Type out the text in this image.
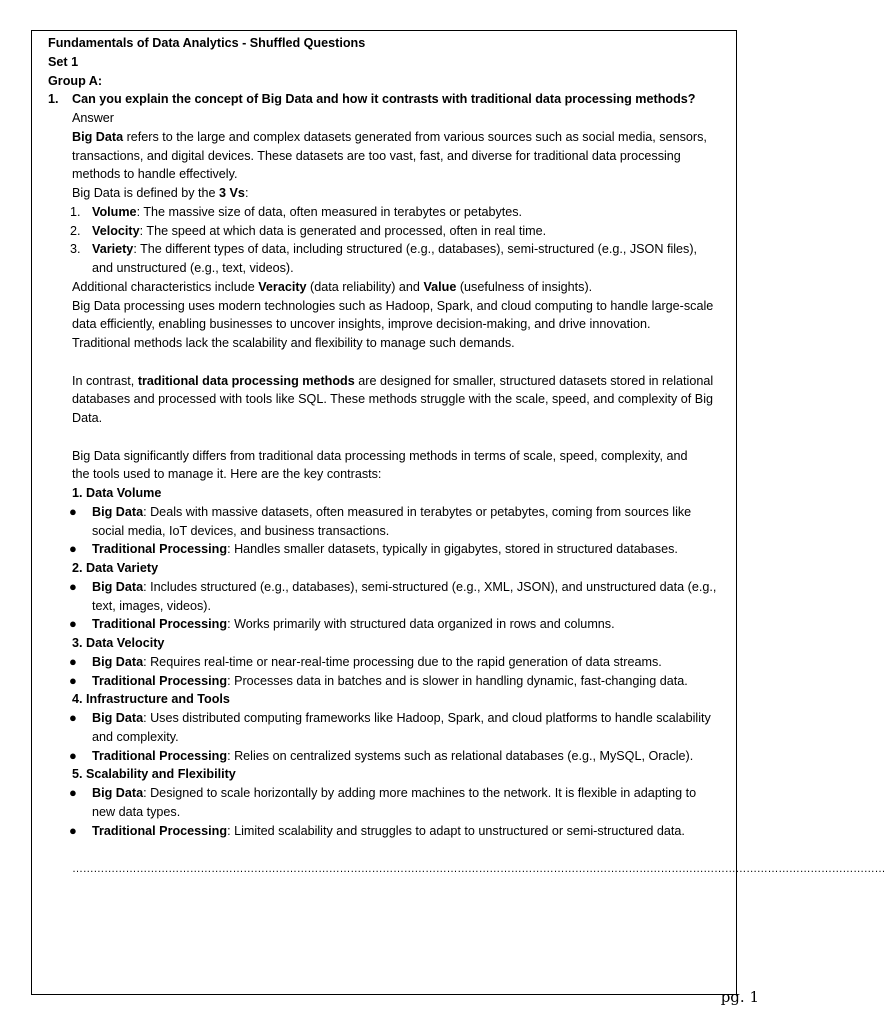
Fundamentals of Data Analytics - Shuffled Questions
Set 1
Group A:
1. Can you explain the concept of Big Data and how it contrasts with traditional data processing methods?
Answer
Big Data refers to the large and complex datasets generated from various sources such as social media, sensors,
transactions, and digital devices. These datasets are too vast, fast, and diverse for traditional data processing
methods to handle effectively.
Big Data is defined by the 3 Vs:
1. Volume: The massive size of data, often measured in terabytes or petabytes.
2. Velocity: The speed at which data is generated and processed, often in real time.
3. Variety: The different types of data, including structured (e.g., databases), semi-structured (e.g., JSON files),
and unstructured (e.g., text, videos).
Additional characteristics include Veracity (data reliability) and Value (usefulness of insights).
Big Data processing uses modern technologies such as Hadoop, Spark, and cloud computing to handle large-scale
data efficiently, enabling businesses to uncover insights, improve decision-making, and drive innovation.
Traditional methods lack the scalability and flexibility to manage such demands.
In contrast, traditional data processing methods are designed for smaller, structured datasets stored in relational
databases and processed with tools like SQL. These methods struggle with the scale, speed, and complexity of Big
Data.
Big Data significantly differs from traditional data processing methods in terms of scale, speed, complexity, and
the tools used to manage it. Here are the key contrasts:
1. Data Volume
● Big Data: Deals with massive datasets, often measured in terabytes or petabytes, coming from sources like
social media, IoT devices, and business transactions.
● Traditional Processing: Handles smaller datasets, typically in gigabytes, stored in structured databases.
2. Data Variety
● Big Data: Includes structured (e.g., databases), semi-structured (e.g., XML, JSON), and unstructured data (e.g.,
text, images, videos).
● Traditional Processing: Works primarily with structured data organized in rows and columns.
3. Data Velocity
● Big Data: Requires real-time or near-real-time processing due to the rapid generation of data streams.
● Traditional Processing: Processes data in batches and is slower in handling dynamic, fast-changing data.
4. Infrastructure and Tools
● Big Data: Uses distributed computing frameworks like Hadoop, Spark, and cloud platforms to handle scalability
and complexity.
● Traditional Processing: Relies on centralized systems such as relational databases (e.g., MySQL, Oracle).
5. Scalability and Flexibility
● Big Data: Designed to scale horizontally by adding more machines to the network. It is flexible in adapting to
new data types.
● Traditional Processing: Limited scalability and struggles to adapt to unstructured or semi-structured data.
…………………………………………………………………………………………………………………………………………………………………………………………………………
pg. 1
